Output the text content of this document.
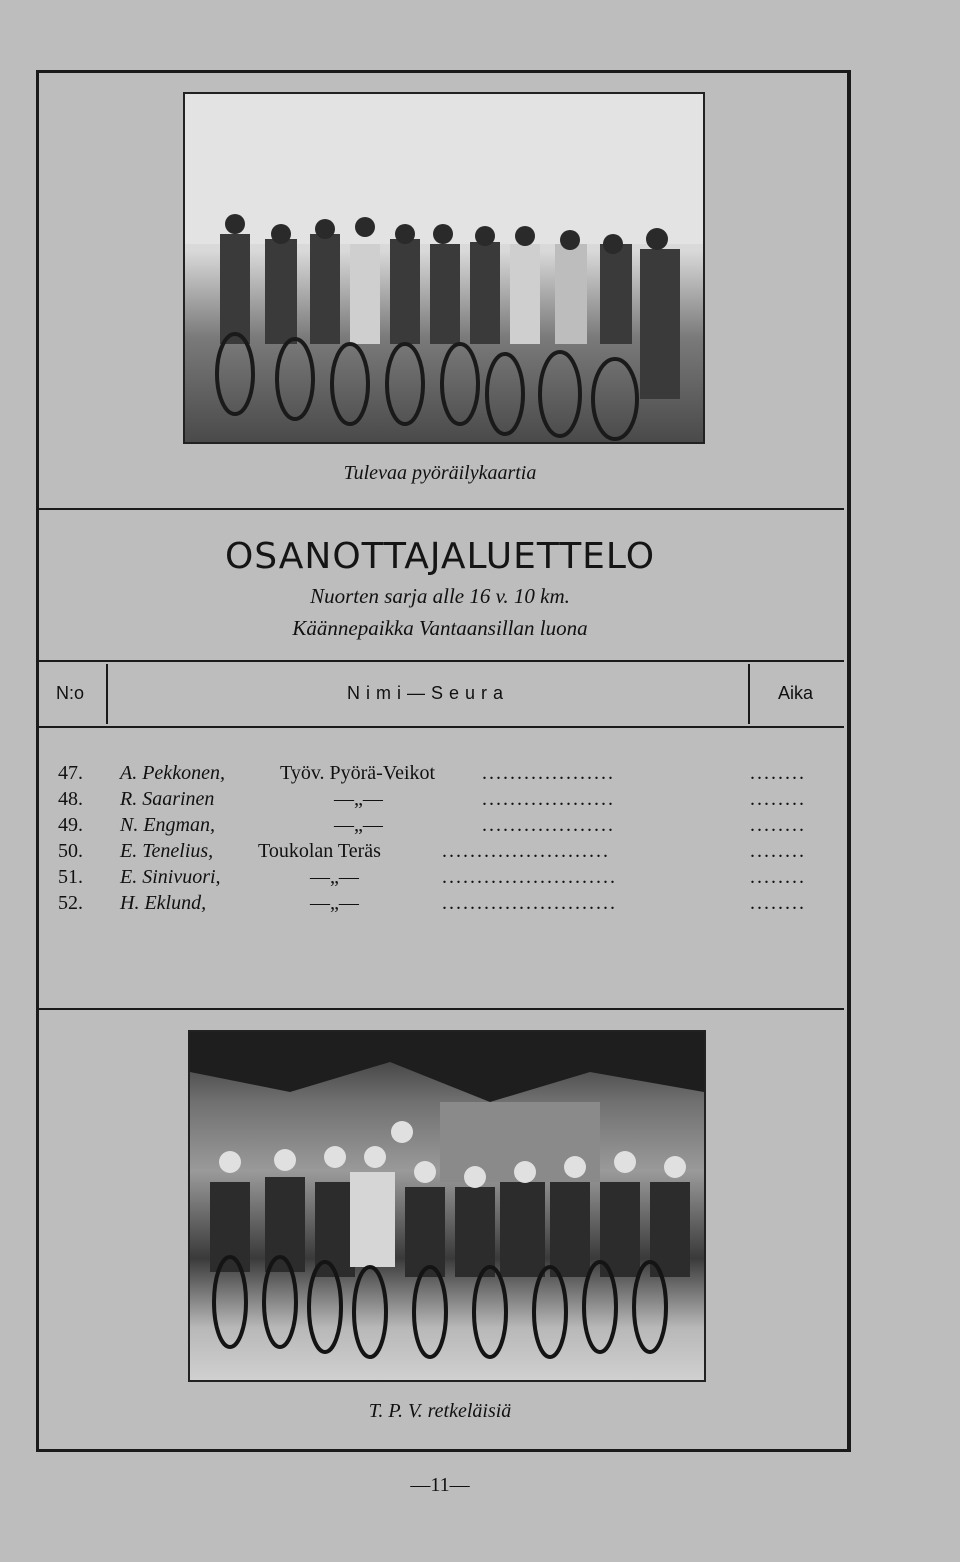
Tulevaa pyöräilykaartia
OSANOTTAJALUETTELO
Nuorten sarja alle 16 v. 10 km.
Käännepaikka Vantaansillan luona
N:o	Nimi—Seura	Aika
47. A. Pekkonen,	Työv. Pyörä-Veikot ...................	........
48. R. Saarinen	—„—	...................	........
49. N. Engman,	—„—	...................	........
50. E. Tenelius, Toukolan Teräs	........................	........
51. E. Sinivuori,	—„—	.........................	........
52. H. Eklund,	—„—	.........................	........
T. P. V. retkeläisiä
—11—
